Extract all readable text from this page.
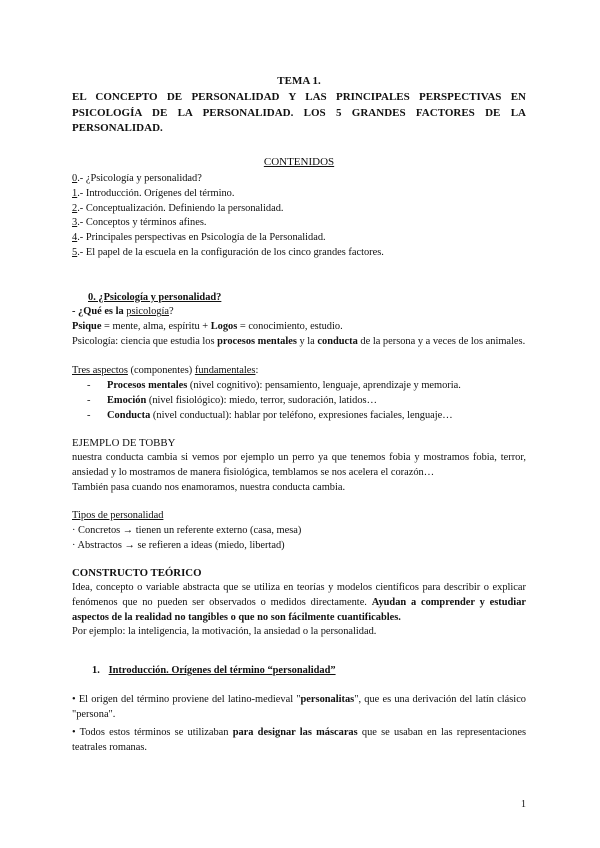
TEMA 1.

EL CONCEPTO DE PERSONALIDAD Y LAS PRINCIPALES PERSPECTIVAS EN PSICOLOGÍA DE LA PERSONALIDAD. LOS 5 GRANDES FACTORES DE LA PERSONALIDAD.

CONTENIDOS

0.- ¿Psicología y personalidad?
1.- Introducción. Orígenes del término.
2.- Conceptualización. Definiendo la personalidad.
3.- Conceptos y términos afines.
4.- Principales perspectivas en Psicología de la Personalidad.
5.- El papel de la escuela en la configuración de los cinco grandes factores.

0. ¿Psicología y personalidad?

- ¿Qué es la psicología?

Psique = mente, alma, espíritu + Logos = conocimiento, estudio.

Psicología: ciencia que estudia los procesos mentales y la conducta de la persona y a veces de los animales.

Tres aspectos (componentes) fundamentales:

- Procesos mentales (nivel cognitivo): pensamiento, lenguaje, aprendizaje y memoria.
- Emoción (nivel fisiológico): miedo, terror, sudoración, latidos…
- Conducta (nivel conductual): hablar por teléfono, expresiones faciales, lenguaje…

EJEMPLO DE TOBBY

nuestra conducta cambia si vemos por ejemplo un perro ya que tenemos fobia y mostramos fobia, terror, ansiedad y lo mostramos de manera fisiológica, temblamos se nos acelera el corazón…

También pasa cuando nos enamoramos, nuestra conducta cambia.

Tipos de personalidad

· Concretos → tienen un referente externo (casa, mesa)

· Abstractos → se refieren a ideas (miedo, libertad)

CONSTRUCTO TEÓRICO

Idea, concepto o variable abstracta que se utiliza en teorías y modelos científicos para describir o explicar fenómenos que no pueden ser observados o medidos directamente. Ayudan a comprender y estudiar aspectos de la realidad no tangibles o que no son fácilmente cuantificables.

Por ejemplo: la inteligencia, la motivación, la ansiedad o la personalidad.

1. Introducción. Orígenes del término “personalidad”

• El origen del término proviene del latino-medieval "personalitas", que es una derivación del latín clásico "persona".

• Todos estos términos se utilizaban para designar las máscaras que se usaban en las representaciones teatrales romanas.

1
